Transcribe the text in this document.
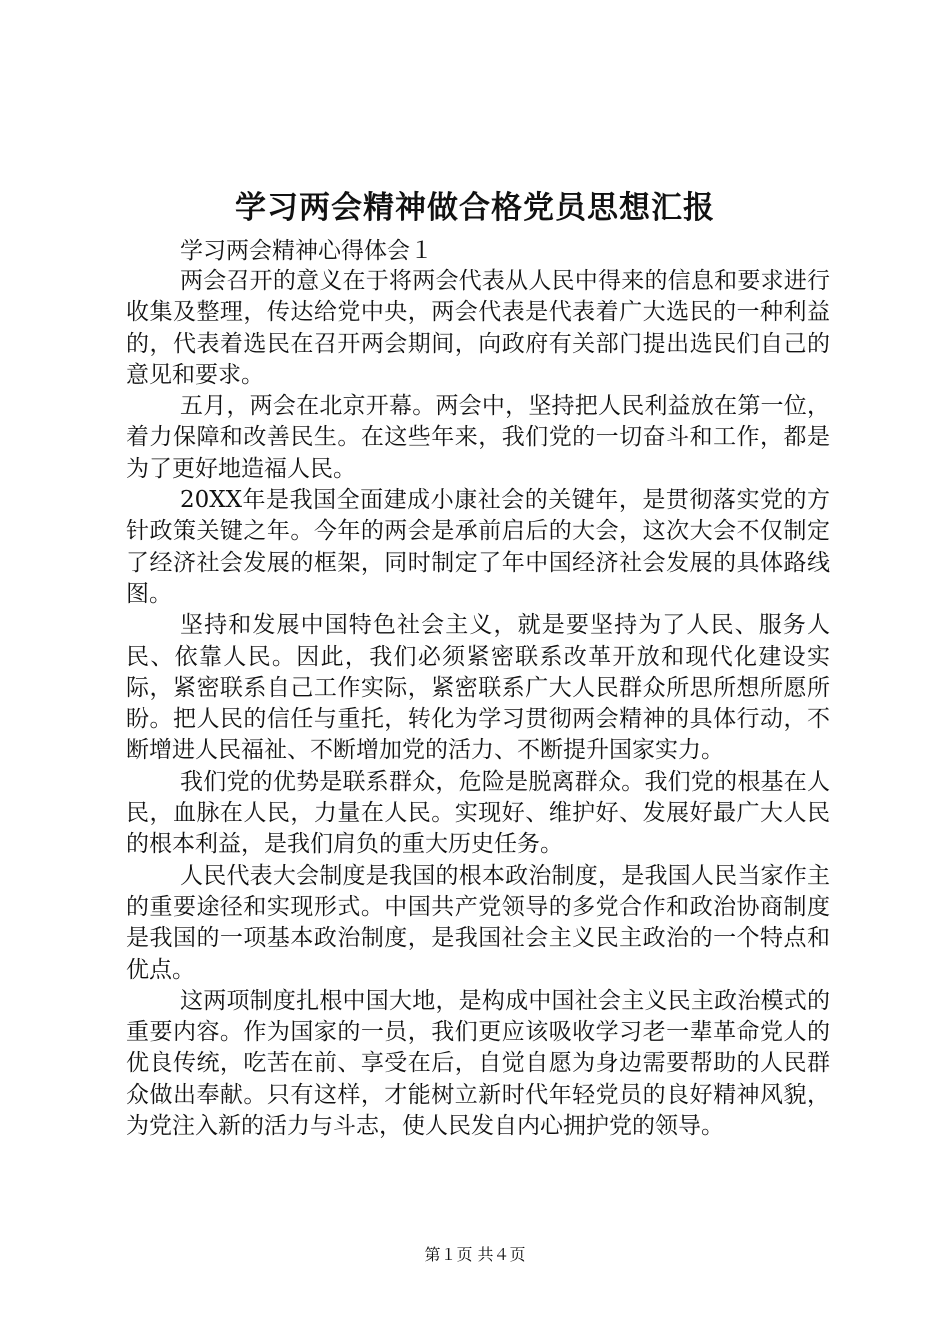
学习两会精神做合格党员思想汇报

学习两会精神心得体会１

两会召开的意义在于将两会代表从人民中得来的信息和要求进行收集及整理，传达给党中央，两会代表是代表着广大选民的一种利益的，代表着选民在召开两会期间，向政府有关部门提出选民们自己的意见和要求。

五月，两会在北京开幕。两会中，坚持把人民利益放在第一位，着力保障和改善民生。在这些年来，我们党的一切奋斗和工作，都是为了更好地造福人民。

20XX年是我国全面建成小康社会的关键年，是贯彻落实党的方针政策关键之年。今年的两会是承前启后的大会，这次大会不仅制定了经济社会发展的框架，同时制定了年中国经济社会发展的具体路线图。

坚持和发展中国特色社会主义，就是要坚持为了人民、服务人民、依靠人民。因此，我们必须紧密联系改革开放和现代化建设实际，紧密联系自己工作实际，紧密联系广大人民群众所思所想所愿所盼。把人民的信任与重托，转化为学习贯彻两会精神的具体行动，不断增进人民福祉、不断增加党的活力、不断提升国家实力。

我们党的优势是联系群众，危险是脱离群众。我们党的根基在人民，血脉在人民，力量在人民。实现好、维护好、发展好最广大人民的根本利益，是我们肩负的重大历史任务。

人民代表大会制度是我国的根本政治制度，是我国人民当家作主的重要途径和实现形式。中国共产党领导的多党合作和政治协商制度是我国的一项基本政治制度，是我国社会主义民主政治的一个特点和优点。

这两项制度扎根中国大地，是构成中国社会主义民主政治模式的重要内容。作为国家的一员，我们更应该吸收学习老一辈革命党人的优良传统，吃苦在前、享受在后，自觉自愿为身边需要帮助的人民群众做出奉献。只有这样，才能树立新时代年轻党员的良好精神风貌，为党注入新的活力与斗志，使人民发自内心拥护党的领导。

第１页 共４页
